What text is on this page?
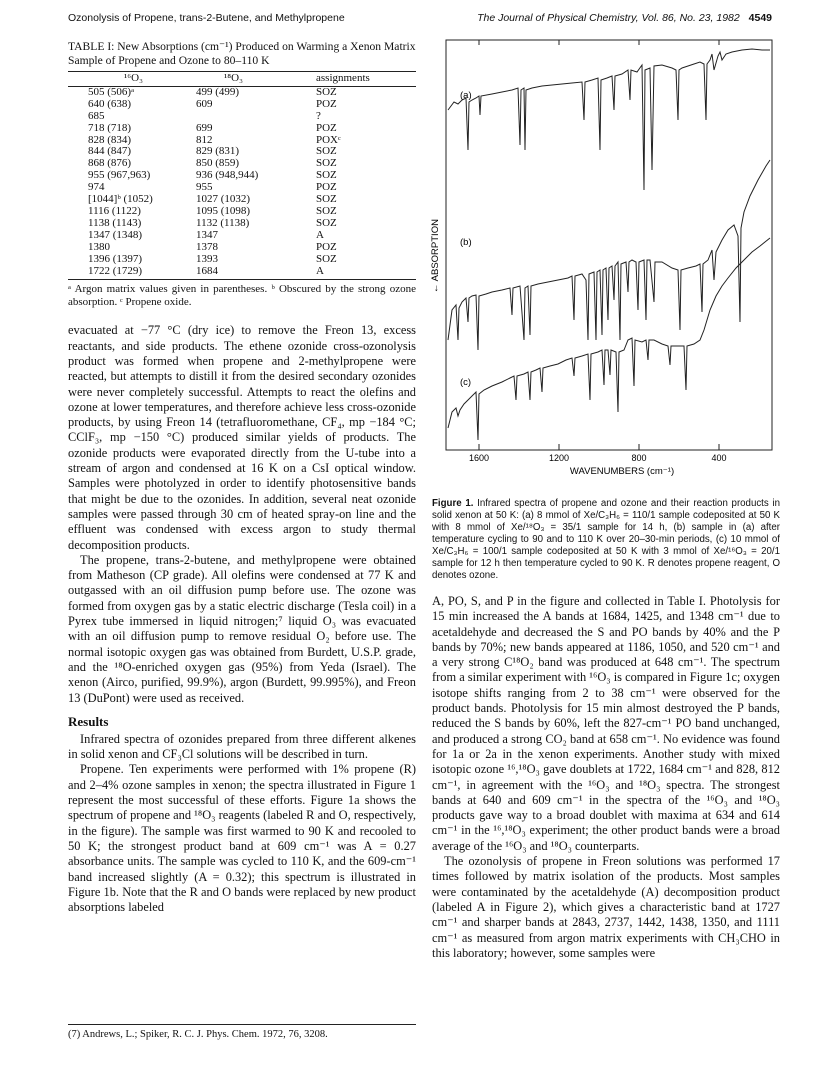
Ozonolysis of Propene, trans-2-Butene, and Methylpropene	The Journal of Physical Chemistry, Vol. 86, No. 23, 1982 4549
TABLE I: New Absorptions (cm⁻¹) Produced on Warming a Xenon Matrix Sample of Propene and Ozone to 80–110 K
¹⁶O₃	¹⁸O₃	assignments
505 (506)ᵃ	499 (499)	SOZ
640 (638)	609	POZ
685		?
718 (718)	699	POZ
828 (834)	812	POXᶜ
844 (847)	829 (831)	SOZ
868 (876)	850 (859)	SOZ
955 (967,963)	936 (948,944)	SOZ
974	955	POZ
[1044]ᵇ (1052)	1027 (1032)	SOZ
1116 (1122)	1095 (1098)	SOZ
1138 (1143)	1132 (1138)	SOZ
1347 (1348)	1347	A
1380	1378	POZ
1396 (1397)	1393	SOZ
1722 (1729)	1684	A
ᵃ Argon matrix values given in parentheses. ᵇ Obscured by the strong ozone absorption. ᶜ Propene oxide.

evacuated at −77 °C (dry ice) to remove the Freon 13, excess reactants, and side products. The ethene ozonide cross-ozonolysis product was formed when propene and 2-methylpropene were reacted, but attempts to distill it from the desired secondary ozonides were never completely successful. Attempts to react the olefins and ozone at lower temperatures, and therefore achieve less cross-ozonide products, by using Freon 14 (tetrafluoromethane, CF₄, mp −184 °C; CClF₃, mp −150 °C) produced similar yields of products. The ozonide products were evaporated directly from the U-tube into a stream of argon and condensed at 16 K on a CsI optical window. Samples were photolyzed in order to identify photosensitive bands that might be due to the ozonides. In addition, several neat ozonide samples were passed through 30 cm of heated spray-on line and the effluent was condensed with excess argon to study thermal decomposition products.

The propene, trans-2-butene, and methylpropene were obtained from Matheson (CP grade). All olefins were condensed at 77 K and outgassed with an oil diffusion pump before use. The ozone was formed from oxygen gas by a static electric discharge (Tesla coil) in a Pyrex tube immersed in liquid nitrogen;⁷ liquid O₃ was evacuated with an oil diffusion pump to remove residual O₂ before use. The normal isotopic oxygen gas was obtained from Burdett, U.S.P. grade, and the ¹⁸O-enriched oxygen gas (95%) from Yeda (Israel). The xenon (Airco, purified, 99.9%), argon (Burdett, 99.995%), and Freon 13 (DuPont) were used as received.

Results

Infrared spectra of ozonides prepared from three different alkenes in solid xenon and CF₃Cl solutions will be described in turn.

Propene. Ten experiments were performed with 1% propene (R) and 2–4% ozone samples in xenon; the spectra illustrated in Figure 1 represent the most successful of these efforts. Figure 1a shows the spectrum of propene and ¹⁸O₃ reagents (labeled R and O, respectively, in the figure). The sample was first warmed to 90 K and recooled to 50 K; the strongest product band at 609 cm⁻¹ was A = 0.27 absorbance units. The sample was cycled to 110 K, and the 609-cm⁻¹ band increased slightly (A = 0.32); this spectrum is illustrated in Figure 1b. Note that the R and O bands were replaced by new product absorptions labeled

(7) Andrews, L.; Spiker, R. C. J. Phys. Chem. 1972, 76, 3208.
← ABSORPTION
(a)
(b)
(c)
1600	1200	800	400
WAVENUMBERS (cm⁻¹)
Figure 1. Infrared spectra of propene and ozone and their reaction products in solid xenon at 50 K: (a) 8 mmol of Xe/C₃H₆ = 110/1 sample codeposited at 50 K with 8 mmol of Xe/¹⁸O₃ = 35/1 sample for 14 h, (b) sample in (a) after temperature cycling to 90 and to 110 K over 20–30-min periods, (c) 10 mmol of Xe/C₃H₆ = 100/1 sample codeposited at 50 K with 3 mmol of Xe/¹⁶O₃ = 20/1 sample for 12 h then temperature cycled to 90 K. R denotes propene reagent, O denotes ozone.

A, PO, S, and P in the figure and collected in Table I. Photolysis for 15 min increased the A bands at 1684, 1425, and 1348 cm⁻¹ due to acetaldehyde and decreased the S and PO bands by 40% and the P bands by 70%; new bands appeared at 1186, 1050, and 520 cm⁻¹ and a very strong C¹⁸O₂ band was produced at 648 cm⁻¹. The spectrum from a similar experiment with ¹⁶O₃ is compared in Figure 1c; oxygen isotope shifts ranging from 2 to 38 cm⁻¹ were observed for the product bands. Photolysis for 15 min almost destroyed the P bands, reduced the S bands by 60%, left the 827-cm⁻¹ PO band unchanged, and produced a strong CO₂ band at 658 cm⁻¹. No evidence was found for 1a or 2a in the xenon experiments. Another study with mixed isotopic ozone ¹⁶,¹⁸O₃ gave doublets at 1722, 1684 cm⁻¹ and 828, 812 cm⁻¹, in agreement with the ¹⁶O₃ and ¹⁸O₃ spectra. The strongest bands at 640 and 609 cm⁻¹ in the spectra of the ¹⁶O₃ and ¹⁸O₃ products gave way to a broad doublet with maxima at 634 and 614 cm⁻¹ in the ¹⁶,¹⁸O₃ experiment; the other product bands were a broad average of the ¹⁶O₃ and ¹⁸O₃ counterparts.

The ozonolysis of propene in Freon solutions was performed 17 times followed by matrix isolation of the products. Most samples were contaminated by the acetaldehyde (A) decomposition product (labeled A in Figure 2), which gives a characteristic band at 1727 cm⁻¹ and sharper bands at 2843, 2737, 1442, 1438, 1350, and 1111 cm⁻¹ as measured from argon matrix experiments with CH₃CHO in this laboratory; however, some samples were
